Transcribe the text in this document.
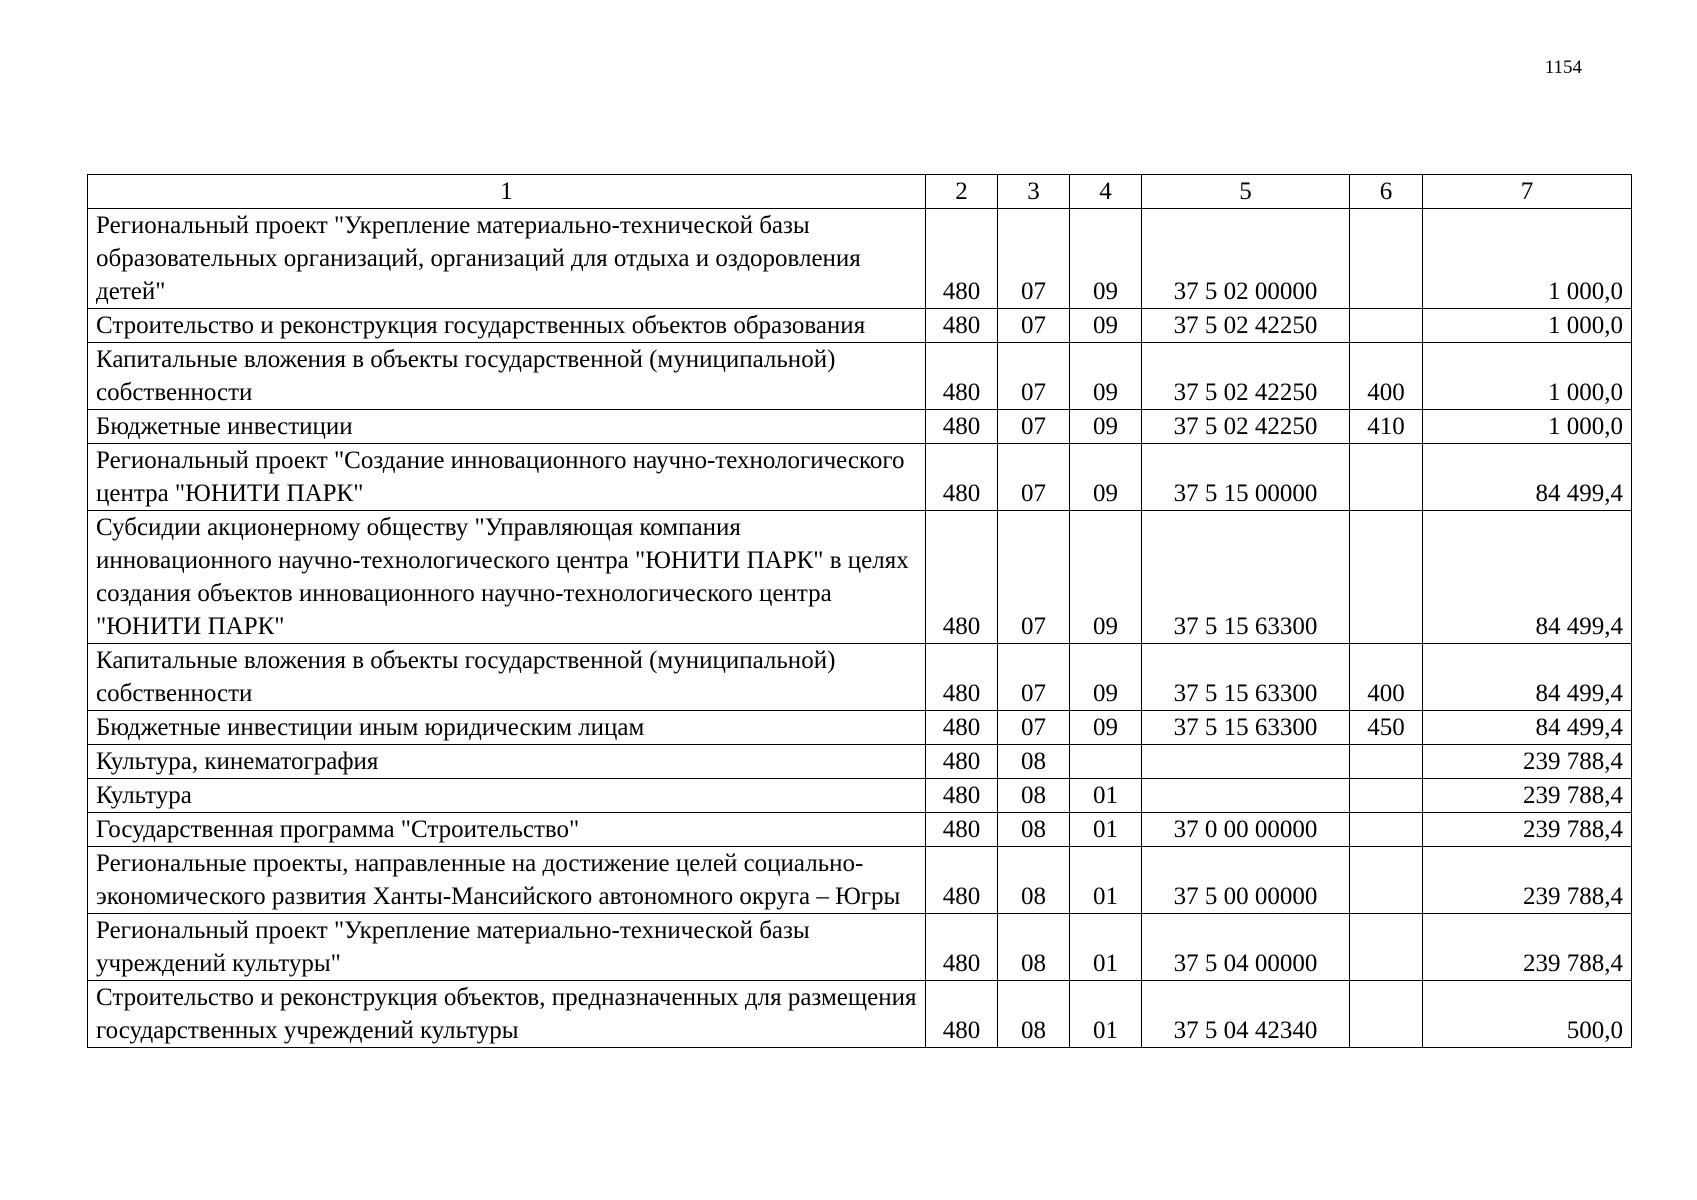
1154
1	2	3	4	5	6	7
Региональный проект "Укрепление материально-технической базы образовательных организаций, организаций для отдыха и оздоровления детей"	480	07	09	37 5 02 00000		1 000,0
Строительство и реконструкция государственных объектов образования	480	07	09	37 5 02 42250		1 000,0
Капитальные вложения в объекты государственной (муниципальной) собственности	480	07	09	37 5 02 42250	400	1 000,0
Бюджетные инвестиции	480	07	09	37 5 02 42250	410	1 000,0
Региональный проект "Создание инновационного научно-технологического центра "ЮНИТИ ПАРК"	480	07	09	37 5 15 00000		84 499,4
Субсидии акционерному обществу "Управляющая компания инновационного научно-технологического центра "ЮНИТИ ПАРК" в целях создания объектов инновационного научно-технологического центра "ЮНИТИ ПАРК"	480	07	09	37 5 15 63300		84 499,4
Капитальные вложения в объекты государственной (муниципальной) собственности	480	07	09	37 5 15 63300	400	84 499,4
Бюджетные инвестиции иным юридическим лицам	480	07	09	37 5 15 63300	450	84 499,4
Культура, кинематография	480	08				239 788,4
Культура	480	08	01			239 788,4
Государственная программа "Строительство"	480	08	01	37 0 00 00000		239 788,4
Региональные проекты, направленные на достижение целей социально-экономического развития Ханты-Мансийского автономного округа – Югры	480	08	01	37 5 00 00000		239 788,4
Региональный проект "Укрепление материально-технической базы учреждений культуры"	480	08	01	37 5 04 00000		239 788,4
Строительство и реконструкция объектов, предназначенных для размещения государственных учреждений культуры	480	08	01	37 5 04 42340		500,0
